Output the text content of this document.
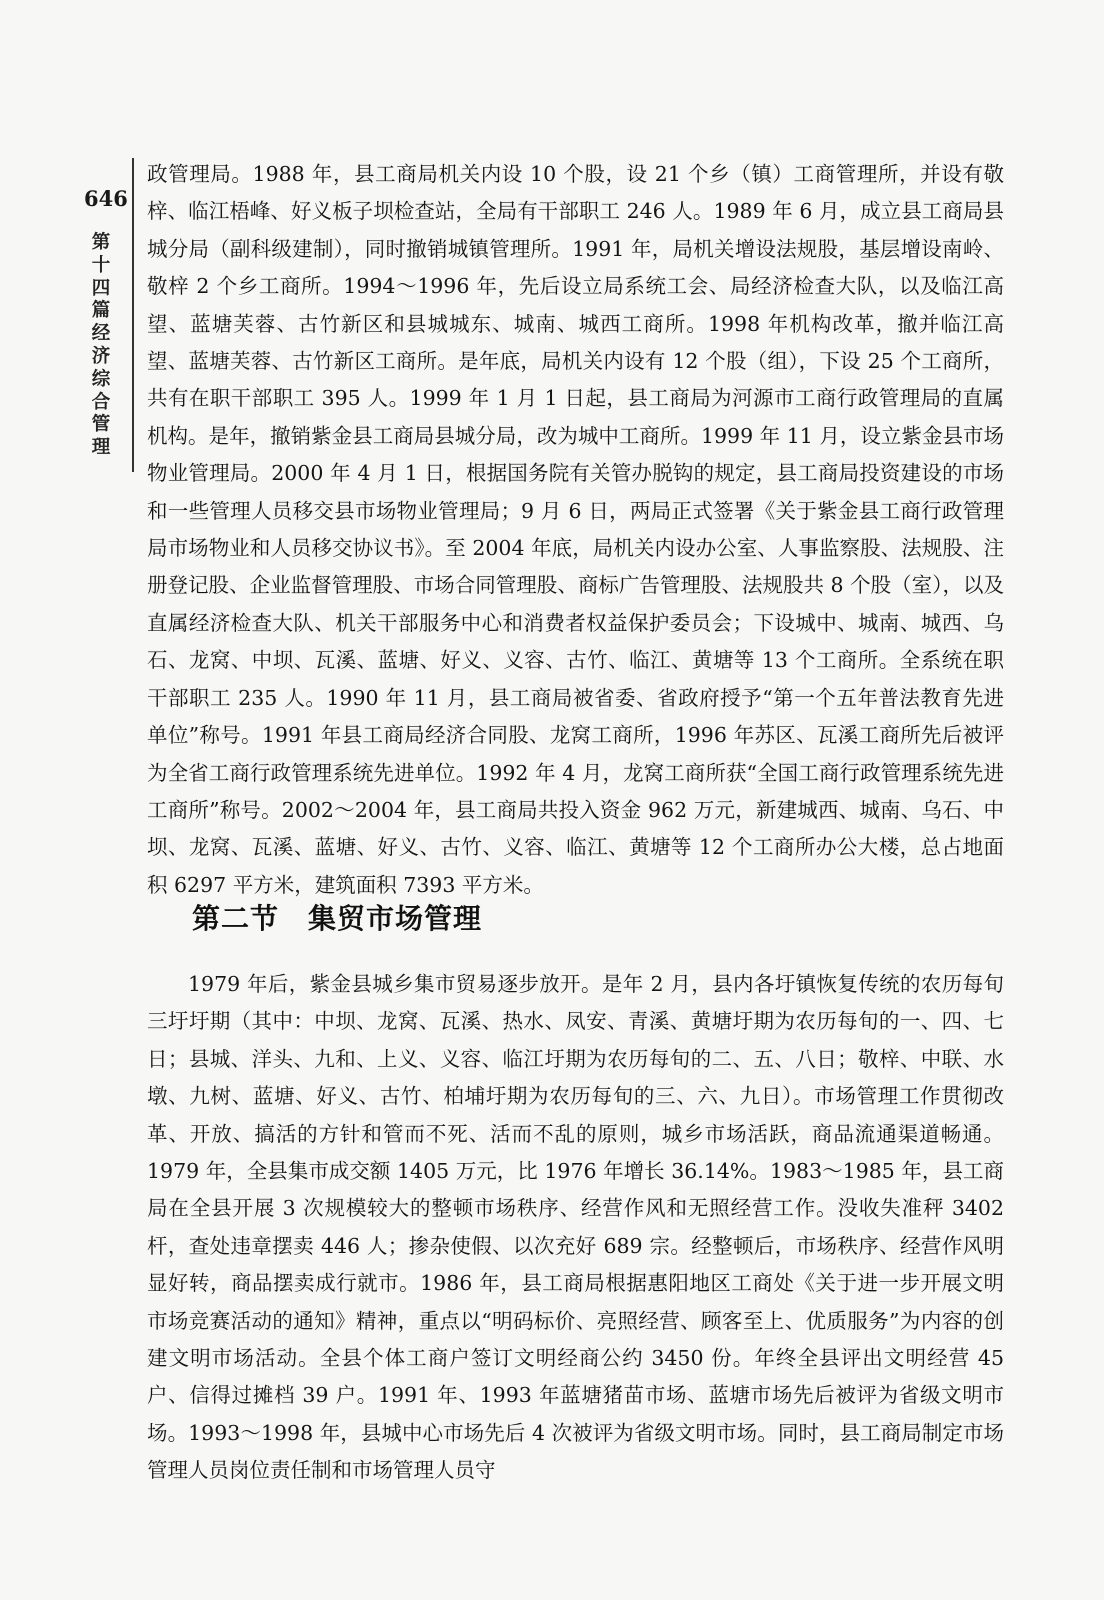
646
第十四篇 经济综合管理

政管理局。1988 年，县工商局机关内设 10 个股，设 21 个乡（镇）工商管理所，并设有敬梓、临江梧峰、好义板子坝检查站，全局有干部职工 246 人。1989 年 6 月，成立县工商局县城分局（副科级建制），同时撤销城镇管理所。1991 年，局机关增设法规股，基层增设南岭、敬梓 2 个乡工商所。1994～1996 年，先后设立局系统工会、局经济检查大队，以及临江高望、蓝塘芙蓉、古竹新区和县城城东、城南、城西工商所。1998 年机构改革，撤并临江高望、蓝塘芙蓉、古竹新区工商所。是年底，局机关内设有 12 个股（组），下设 25 个工商所，共有在职干部职工 395 人。1999 年 1 月 1 日起，县工商局为河源市工商行政管理局的直属机构。是年，撤销紫金县工商局县城分局，改为城中工商所。1999 年 11 月，设立紫金县市场物业管理局。2000 年 4 月 1 日，根据国务院有关管办脱钩的规定，县工商局投资建设的市场和一些管理人员移交县市场物业管理局；9 月 6 日，两局正式签署《关于紫金县工商行政管理局市场物业和人员移交协议书》。至 2004 年底，局机关内设办公室、人事监察股、法规股、注册登记股、企业监督管理股、市场合同管理股、商标广告管理股、法规股共 8 个股（室），以及直属经济检查大队、机关干部服务中心和消费者权益保护委员会；下设城中、城南、城西、乌石、龙窝、中坝、瓦溪、蓝塘、好义、义容、古竹、临江、黄塘等 13 个工商所。全系统在职干部职工 235 人。1990 年 11 月，县工商局被省委、省政府授予“第一个五年普法教育先进单位”称号。1991 年县工商局经济合同股、龙窝工商所，1996 年苏区、瓦溪工商所先后被评为全省工商行政管理系统先进单位。1992 年 4 月，龙窝工商所获“全国工商行政管理系统先进工商所”称号。2002～2004 年，县工商局共投入资金 962 万元，新建城西、城南、乌石、中坝、龙窝、瓦溪、蓝塘、好义、古竹、义容、临江、黄塘等 12 个工商所办公大楼，总占地面积 6297 平方米，建筑面积 7393 平方米。

第二节　集贸市场管理

1979 年后，紫金县城乡集市贸易逐步放开。是年 2 月，县内各圩镇恢复传统的农历每旬三圩圩期（其中：中坝、龙窝、瓦溪、热水、凤安、青溪、黄塘圩期为农历每旬的一、四、七日；县城、洋头、九和、上义、义容、临江圩期为农历每旬的二、五、八日；敬梓、中联、水墩、九树、蓝塘、好义、古竹、柏埔圩期为农历每旬的三、六、九日）。市场管理工作贯彻改革、开放、搞活的方针和管而不死、活而不乱的原则，城乡市场活跃，商品流通渠道畅通。1979 年，全县集市成交额 1405 万元，比 1976 年增长 36.14%。1983～1985 年，县工商局在全县开展 3 次规模较大的整顿市场秩序、经营作风和无照经营工作。没收失准秤 3402 杆，查处违章摆卖 446 人；掺杂使假、以次充好 689 宗。经整顿后，市场秩序、经营作风明显好转，商品摆卖成行就市。1986 年，县工商局根据惠阳地区工商处《关于进一步开展文明市场竞赛活动的通知》精神，重点以“明码标价、亮照经营、顾客至上、优质服务”为内容的创建文明市场活动。全县个体工商户签订文明经商公约 3450 份。年终全县评出文明经营 45 户、信得过摊档 39 户。1991 年、1993 年蓝塘猪苗市场、蓝塘市场先后被评为省级文明市场。1993～1998 年，县城中心市场先后 4 次被评为省级文明市场。同时，县工商局制定市场管理人员岗位责任制和市场管理人员守
